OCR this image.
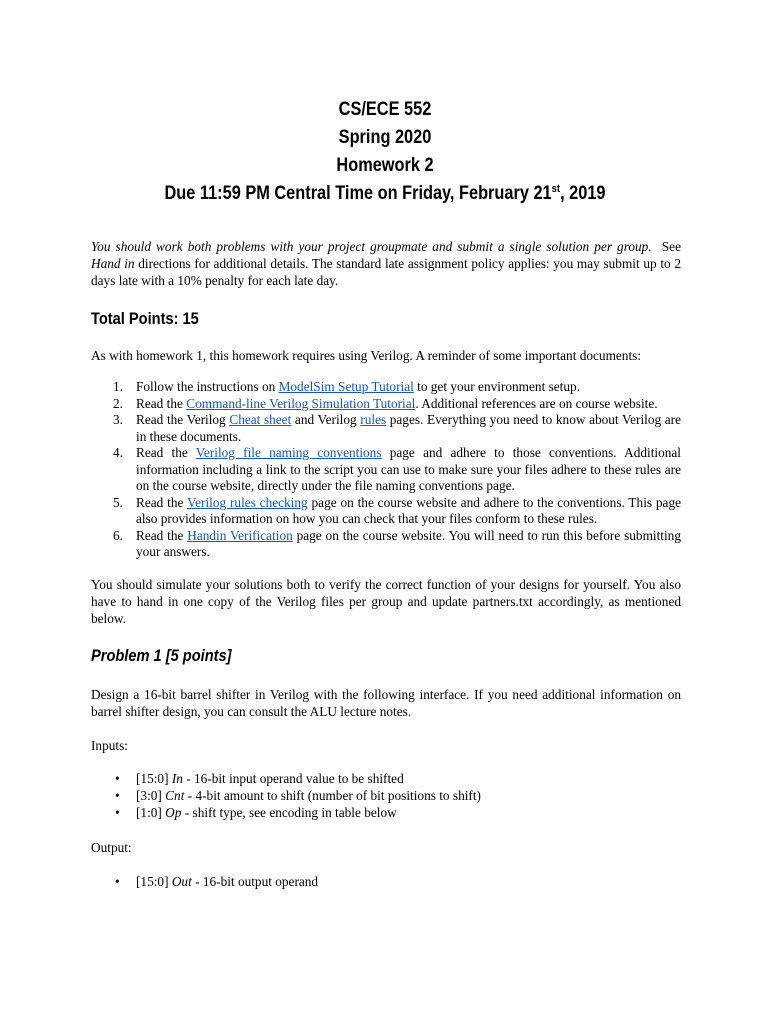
CS/ECE 552
Spring 2020
Homework 2
Due 11:59 PM Central Time on Friday, February 21st, 2019
You should work both problems with your project groupmate and submit a single solution per group.  See Hand in directions for additional details. The standard late assignment policy applies: you may submit up to 2 days late with a 10% penalty for each late day.
Total Points: 15
As with homework 1, this homework requires using Verilog. A reminder of some important documents:
1. Follow the instructions on ModelSim Setup Tutorial to get your environment setup.
2. Read the Command-line Verilog Simulation Tutorial. Additional references are on course website.
3. Read the Verilog Cheat sheet and Verilog rules pages. Everything you need to know about Verilog are in these documents.
4. Read the Verilog file naming conventions page and adhere to those conventions. Additional information including a link to the script you can use to make sure your files adhere to these rules are on the course website, directly under the file naming conventions page.
5. Read the Verilog rules checking page on the course website and adhere to the conventions. This page also provides information on how you can check that your files conform to these rules.
6. Read the Handin Verification page on the course website. You will need to run this before submitting your answers.
You should simulate your solutions both to verify the correct function of your designs for yourself. You also have to hand in one copy of the Verilog files per group and update partners.txt accordingly, as mentioned below.
Problem 1 [5 points]
Design a 16-bit barrel shifter in Verilog with the following interface. If you need additional information on barrel shifter design, you can consult the ALU lecture notes.
Inputs:
• [15:0] In - 16-bit input operand value to be shifted
• [3:0] Cnt - 4-bit amount to shift (number of bit positions to shift)
• [1:0] Op - shift type, see encoding in table below
Output:
• [15:0] Out - 16-bit output operand
